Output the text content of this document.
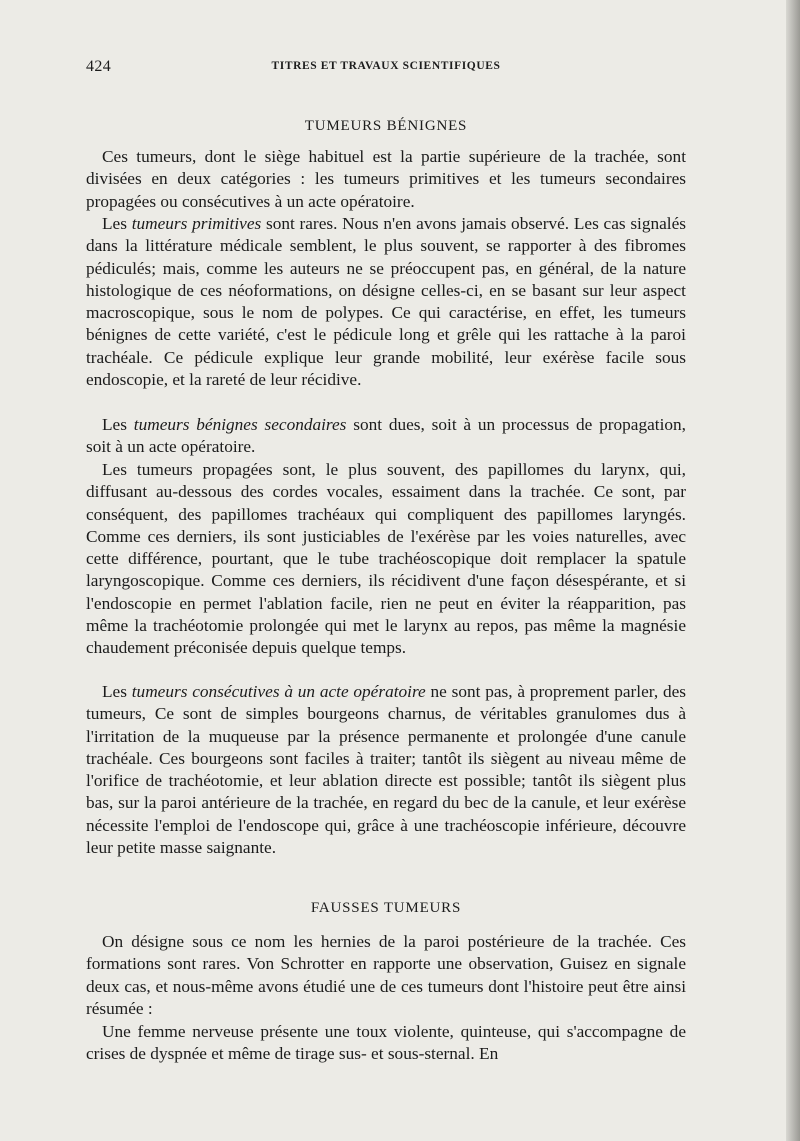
424	TITRES ET TRAVAUX SCIENTIFIQUES
TUMEURS BÉNIGNES

Ces tumeurs, dont le siège habituel est la partie supérieure de la trachée, sont divisées en deux catégories : les tumeurs primitives et les tumeurs secondaires propagées ou consécutives à un acte opératoire.

Les tumeurs primitives sont rares. Nous n'en avons jamais observé. Les cas signalés dans la littérature médicale semblent, le plus souvent, se rapporter à des fibromes pédiculés; mais, comme les auteurs ne se préoccupent pas, en général, de la nature histologique de ces néoformations, on désigne celles-ci, en se basant sur leur aspect macroscopique, sous le nom de polypes. Ce qui caractérise, en effet, les tumeurs bénignes de cette variété, c'est le pédicule long et grêle qui les rattache à la paroi trachéale. Ce pédicule explique leur grande mobilité, leur exérèse facile sous endoscopie, et la rareté de leur récidive.

Les tumeurs bénignes secondaires sont dues, soit à un processus de propagation, soit à un acte opératoire.

Les tumeurs propagées sont, le plus souvent, des papillomes du larynx, qui, diffusant au-dessous des cordes vocales, essaiment dans la trachée. Ce sont, par conséquent, des papillomes trachéaux qui compliquent des papillomes laryngés. Comme ces derniers, ils sont justiciables de l'exérèse par les voies naturelles, avec cette différence, pourtant, que le tube trachéoscopique doit remplacer la spatule laryngoscopique. Comme ces derniers, ils récidivent d'une façon désespérante, et si l'endoscopie en permet l'ablation facile, rien ne peut en éviter la réapparition, pas même la trachéotomie prolongée qui met le larynx au repos, pas même la magnésie chaudement préconisée depuis quelque temps.

Les tumeurs consécutives à un acte opératoire ne sont pas, à proprement parler, des tumeurs, Ce sont de simples bourgeons charnus, de véritables granulomes dus à l'irritation de la muqueuse par la présence permanente et prolongée d'une canule trachéale. Ces bourgeons sont faciles à traiter; tantôt ils siègent au niveau même de l'orifice de trachéotomie, et leur ablation directe est possible; tantôt ils siègent plus bas, sur la paroi antérieure de la trachée, en regard du bec de la canule, et leur exérèse nécessite l'emploi de l'endoscope qui, grâce à une trachéoscopie inférieure, découvre leur petite masse saignante.

FAUSSES TUMEURS

On désigne sous ce nom les hernies de la paroi postérieure de la trachée. Ces formations sont rares. Von Schrotter en rapporte une observation, Guisez en signale deux cas, et nous-même avons étudié une de ces tumeurs dont l'histoire peut être ainsi résumée :

Une femme nerveuse présente une toux violente, quinteuse, qui s'accompagne de crises de dyspnée et même de tirage sus- et sous-sternal. En
